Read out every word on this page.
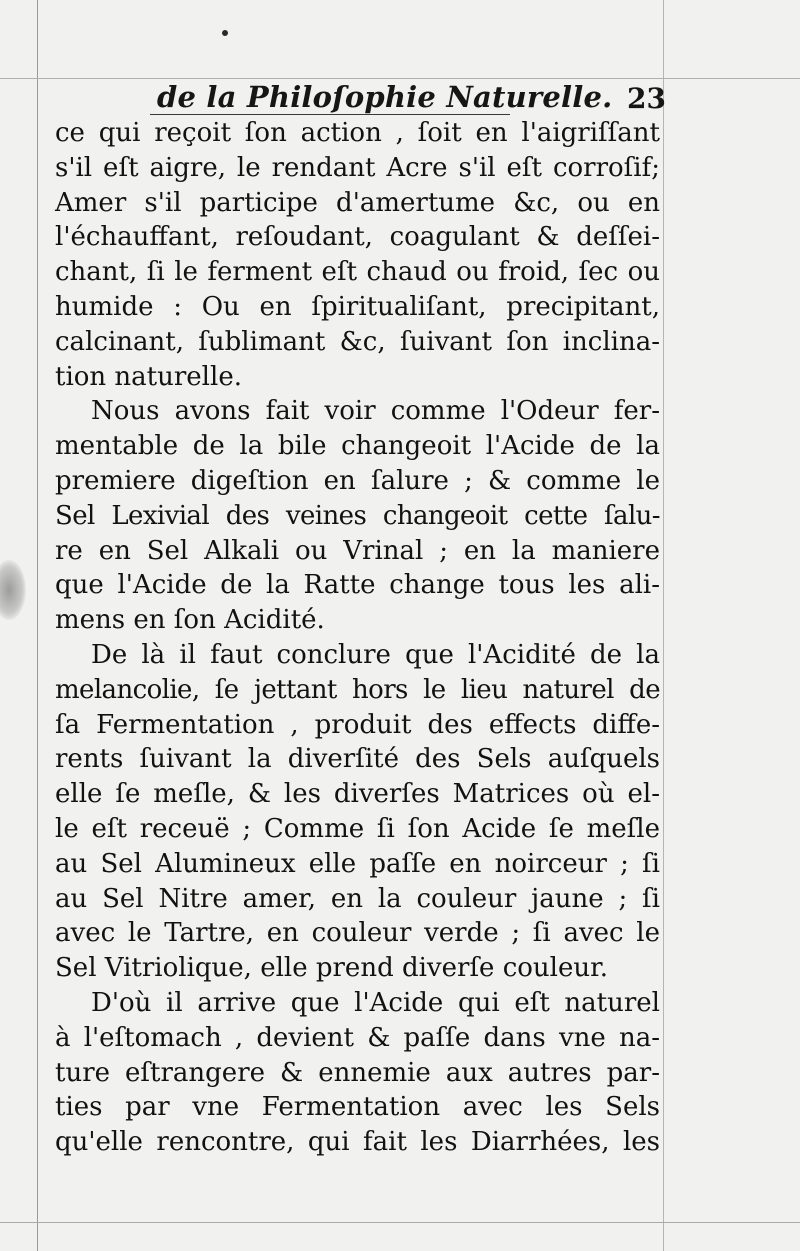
de la Philoſophie Naturelle. 23
ce qui reçoit ſon action , ſoit en l'aigriſſant
s'il eſt aigre, le rendant Acre s'il eſt corroſif;
Amer s'il participe d'amertume &c, ou en
l'échauffant, reſoudant, coagulant & deſſei-
chant, ſi le ferment eſt chaud ou froid, ſec ou
humide : Ou en ſpiritualiſant, precipitant,
calcinant, ſublimant &c, ſuivant ſon inclina-
tion naturelle.
Nous avons fait voir comme l'Odeur fer-
mentable de la bile changeoit l'Acide de la
premiere digeſtion en ſalure ; & comme le
Sel Lexivial des veines changeoit cette ſalu-
re en Sel Alkali ou Vrinal ; en la maniere
que l'Acide de la Ratte change tous les ali-
mens en ſon Acidité.
De là il faut conclure que l'Acidité de la
melancolie, ſe jettant hors le lieu naturel de
ſa Fermentation , produit des effects diffe-
rents ſuivant la diverſité des Sels auſquels
elle ſe meſle, & les diverſes Matrices où el-
le eſt receuë ; Comme ſi ſon Acide ſe meſle
au Sel Alumineux elle paſſe en noirceur ; ſi
au Sel Nitre amer, en la couleur jaune ; ſi
avec le Tartre, en couleur verde ; ſi avec le
Sel Vitriolique, elle prend diverſe couleur.
D'où il arrive que l'Acide qui eſt naturel
à l'eſtomach , devient & paſſe dans vne na-
ture eſtrangere & ennemie aux autres par-
ties par vne Fermentation avec les Sels
qu'elle rencontre, qui fait les Diarrhées, les
